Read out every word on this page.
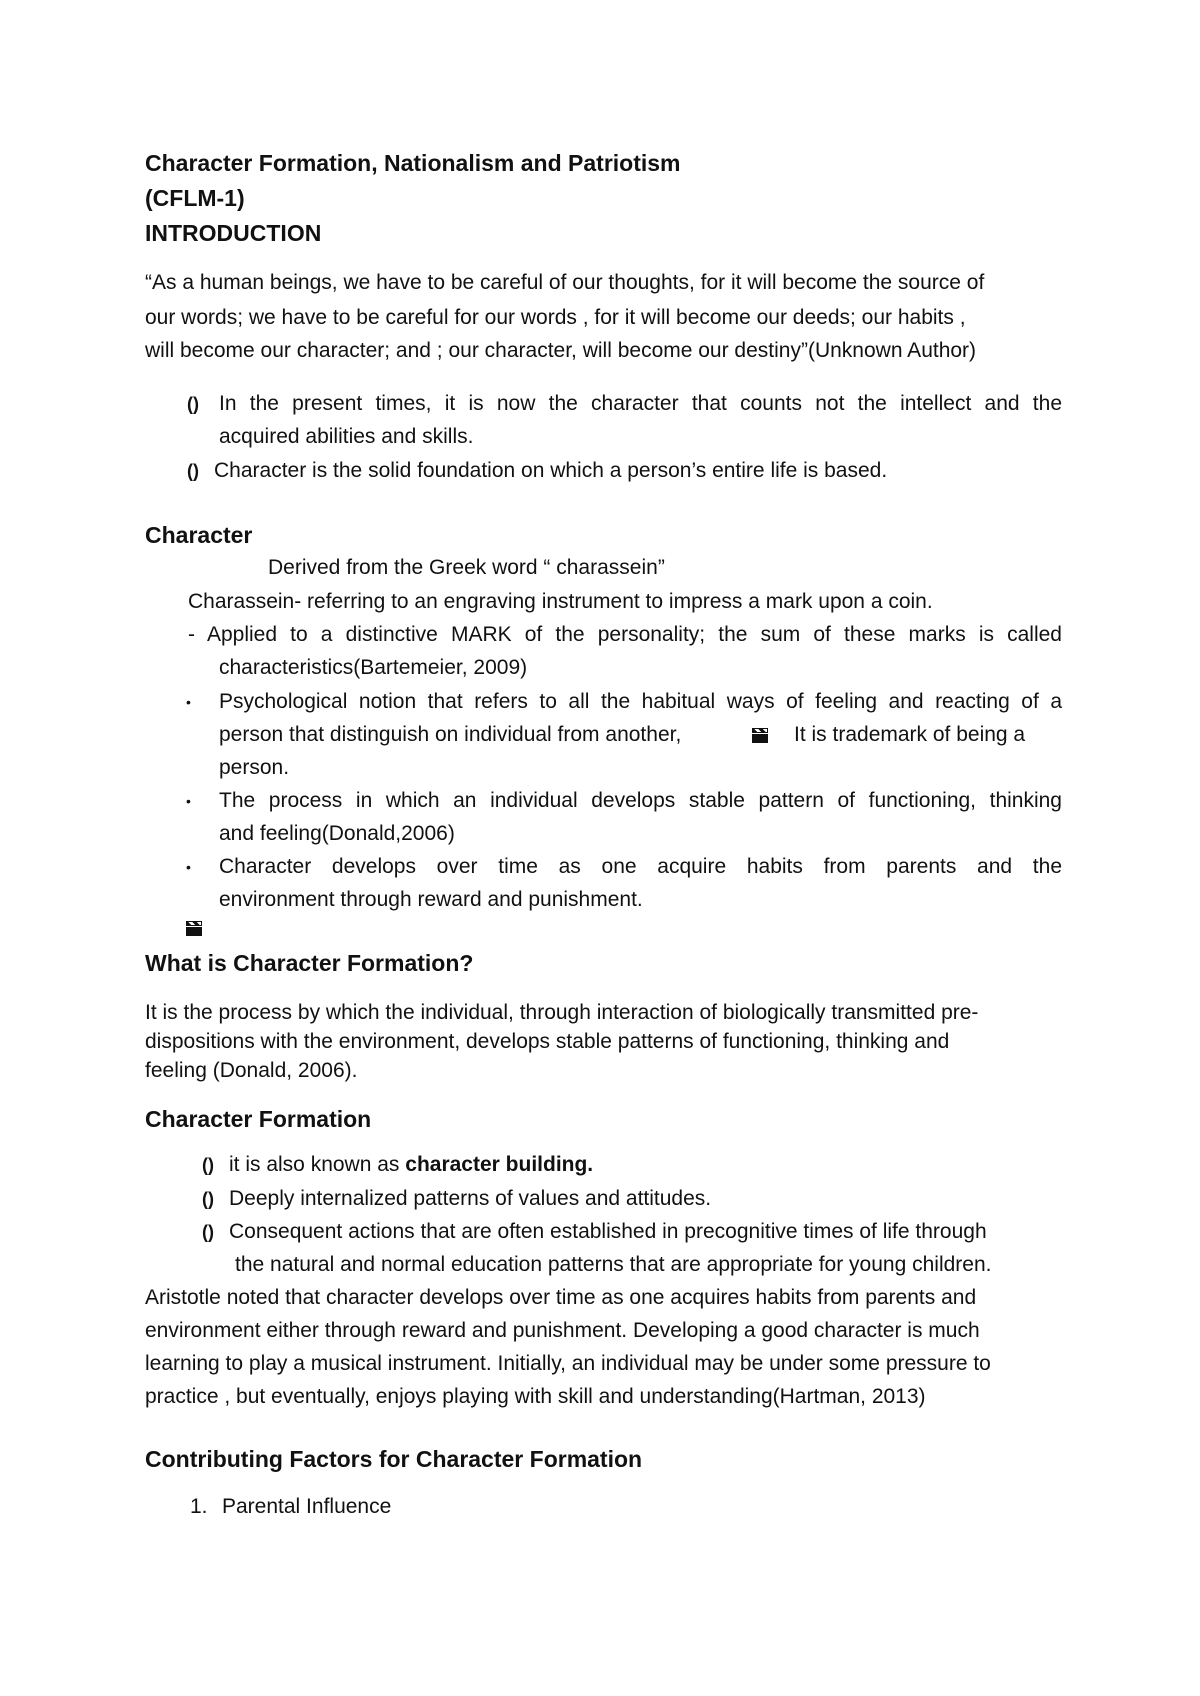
Character Formation, Nationalism and Patriotism
(CFLM-1)
INTRODUCTION
“As a human beings, we have to be careful of our thoughts, for it will become the source of
our words; we have to be careful for our words , for it will become our deeds; our habits ,
will become our character; and ; our character, will become our destiny”(Unknown Author)
() In the present times, it is now the character that counts not the intellect and the
acquired abilities and skills.
() Character is the solid foundation on which a person’s entire life is based.
Character
Derived from the Greek word “ charassein”
Charassein- referring to an engraving instrument to impress a mark upon a coin.
- Applied to a distinctive MARK of the personality; the sum of these marks is called
characteristics(Bartemeier, 2009)
• Psychological notion that refers to all the habitual ways of feeling and reacting of a
person that distinguish on individual from another,	It is trademark of being a
person.
• The process in which an individual develops stable pattern of functioning, thinking
and feeling(Donald,2006)
• Character develops over time as one acquire habits from parents and the
environment through reward and punishment.
What is Character Formation?
It is the process by which the individual, through interaction of biologically transmitted pre-
dispositions with the environment, develops stable patterns of functioning, thinking and
feeling (Donald, 2006).
Character Formation
() it is also known as character building.
() Deeply internalized patterns of values and attitudes.
() Consequent actions that are often established in precognitive times of life through
the natural and normal education patterns that are appropriate for young children.
Aristotle noted that character develops over time as one acquires habits from parents and
environment either through reward and punishment. Developing a good character is much
learning to play a musical instrument. Initially, an individual may be under some pressure to
practice , but eventually, enjoys playing with skill and understanding(Hartman, 2013)
Contributing Factors for Character Formation
1. Parental Influence
